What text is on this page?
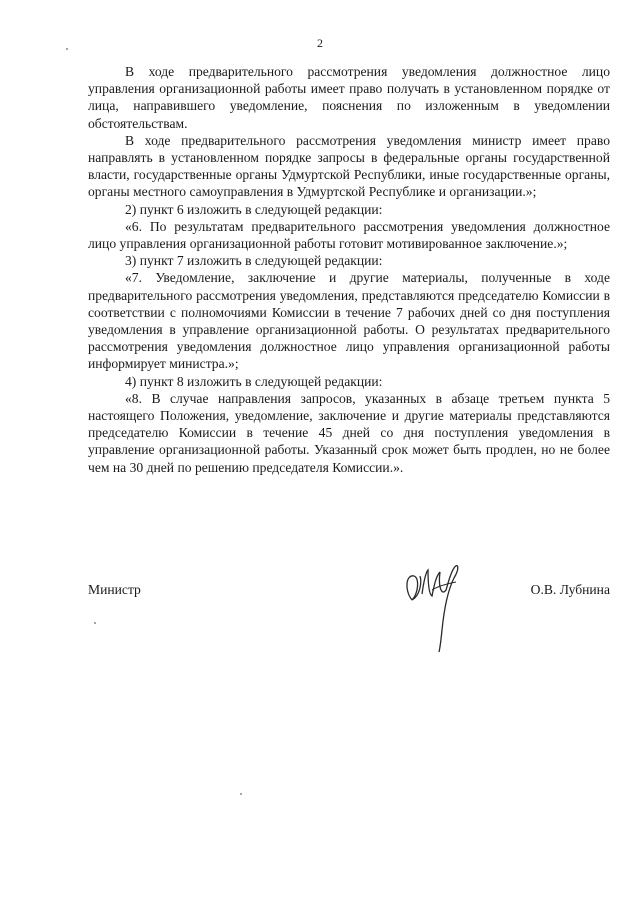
2

В ходе предварительного рассмотрения уведомления должностное лицо управления организационной работы имеет право получать в установленном порядке от лица, направившего уведомление, пояснения по изложенным в уведомлении обстоятельствам.

В ходе предварительного рассмотрения уведомления министр имеет право направлять в установленном порядке запросы в федеральные органы государственной власти, государственные органы Удмуртской Республики, иные государственные органы, органы местного самоуправления в Удмуртской Республике и организации.»;

2) пункт 6 изложить в следующей редакции:

«6. По результатам предварительного рассмотрения уведомления должностное лицо управления организационной работы готовит мотивированное заключение.»;

3) пункт 7 изложить в следующей редакции:

«7. Уведомление, заключение и другие материалы, полученные в ходе предварительного рассмотрения уведомления, представляются председателю Комиссии в соответствии с полномочиями Комиссии в течение 7 рабочих дней со дня поступления уведомления в управление организационной работы. О результатах предварительного рассмотрения уведомления должностное лицо управления организационной работы информирует министра.»;

4) пункт 8 изложить в следующей редакции:

«8. В случае направления запросов, указанных в абзаце третьем пункта 5 настоящего Положения, уведомление, заключение и другие материалы представляются председателю Комиссии в течение 45 дней со дня поступления уведомления в управление организационной работы. Указанный срок может быть продлен, но не более чем на 30 дней по решению председателя Комиссии.».

Министр	О.В. Лубнина
